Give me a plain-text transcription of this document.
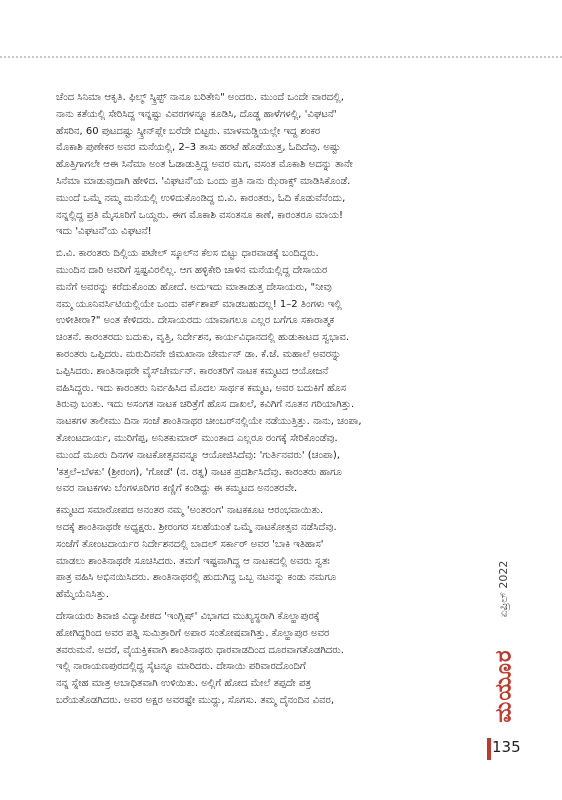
ಚೆಂದ ಸಿನಿಮಾ ಆಕೃತಿ. ಫಿಲ್ಮ್ ಸ್ಕ್ರಿಪ್ಟ್ ನಾನೂ ಬರಿತೇನಿ" ಅಂದರು. ಮುಂದೆ ಒಂದೇ ವಾರದಲ್ಲಿ,
ನಾನು ಕತೆಯಲ್ಲಿ ಸೇರಿಸಿದ್ದ ಇನ್ನಷ್ಟು ವಿವರಗಳನ್ನೂ ಕೂಡಿಸಿ, ದೊಡ್ಡ ಹಾಳೆಗಳಲ್ಲಿ, 'ವಿಘಟನೆ'
ಹೆಸರಿನ, 60 ಪುಟದಷ್ಟು ಸ್ಕ್ರೀನ್‌ಪ್ಲೇ ಬರೆದೇ ಬಿಟ್ಟರು. ಮಾಳಮಡ್ಡಿಯಲ್ಲೇ ಇದ್ದ ಶಂಕರ
ಮೊಕಾಶಿ ಪುಣೇಕರ ಅವರ ಮನೆಯಲ್ಲಿ, 2–3 ತಾಸು ಹರಟೆ ಹೊಡೆಯುತ್ತ, ಓದಿದೆವು. ಅಷ್ಟು
ಹೊತ್ತಿಗಾಗಲೇ ಆಈ ಸಿನೆಮಾ ಅಂತ ಓಡಾಡುತ್ತಿದ್ದ ಅವರ ಮಗ, ವಸಂತ ಮೊಕಾಶಿ ಅದನ್ನು ತಾನೇ
ಸಿನೆಮಾ ಮಾಡುವುದಾಗಿ ಹೇಳಿದ. 'ವಿಘಟನೆ'ಯ ಒಂದು ಪ್ರತಿ ನಾನು ಝೆರಾಕ್ಸ್ ಮಾಡಿಸಿಕೊಂಡೆ.
ಮುಂದೆ ಒಮ್ಮೆ ನಮ್ಮ ಮನೆಯಲ್ಲಿ ಉಳಿದುಕೊಂಡಿದ್ದ ಬಿ.ವಿ. ಕಾರಂತರು, ಓದಿ ಕೊಡುವೆನೆಂದು,
ನನ್ನಲ್ಲಿದ್ದ ಪ್ರತಿ ಮೈಸೂರಿಗೆ ಒಯ್ದರು. ಈಗ ಮೊಕಾಶಿ ವಸಂತನೂ ಕಾಣೆ, ಕಾರಂತರೂ ಮಾಯ!
ಇದು 'ವಿಘಟನೆ'ಯ ವಿಘಟನೆ!
ಬಿ.ವಿ. ಕಾರಂತರು ದಿಲ್ಲಿಯ ಪಟೇಲ್ ಸ್ಕೂಲ್‌ನ ಕೆಲಸ ಬಿಟ್ಟು ಧಾರವಾಡಕ್ಕೆ ಬಂದಿದ್ದರು.
ಮುಂದಿನ ದಾರಿ ಅವರಿಗೆ ಸ್ಪಷ್ಟವಿರಲಿಲ್ಲ. ಆಗ ಹಳ್ಳಿಕೇರಿ ಚಾಳಿನ ಮನೆಯಲ್ಲಿದ್ದ ದೇಸಾಯರ
ಮನೆಗೆ ಅವರನ್ನು ಕರೆದುಕೊಂಡು ಹೋದೆ. ಅದುಇದು ಮಾತಾಡುತ್ತ ದೇಸಾಯರು, "ನೀವು
ನಮ್ಮ ಯೂನಿವರ್ಸಿಟಿಯಲ್ಲಿಯೇ ಒಂದು ವರ್ಕ್‌ಶಾಪ್ ಮಾಡಬಹುದಲ್ಲ! 1–2 ತಿಂಗಳು ಇಲ್ಲಿ
ಉಳೀತೀರಾ?" ಅಂತ ಕೇಳಿದರು. ದೇಸಾಯರದು ಯಾವಾಗಲೂ ಎಲ್ಲರ ಬಗೆಗೂ ಸಕಾರಾತ್ಮಕ
ಚಿಂತನೆ. ಕಾರಂತರದು ಬದುಕು, ವೃತ್ತಿ, ನಿರ್ದೇಶನ, ಕಾರ್ಯವಿಧಾನದಲ್ಲಿ ಹುಡುಕಾಟದ ಸ್ವಭಾವ.
ಕಾರಂತರು ಒಪ್ಪಿದರು. ಮರುದಿನವೇ ಜಿಮಖಾನಾ ಚೇರ್ಮನ್ ಡಾ. ಕೆ.ಜೆ. ಮಹಾಲೆ ಅವರನ್ನು
ಒಪ್ಪಿಸಿದರು. ಶಾಂತಿನಾಥರೇ ವೈಸ್‌ಚೇರ್ಮನ್. ಕಾರಂತರಿಗೆ ನಾಟಕ ಕಮ್ಮಟದ ಆಯೋಜನೆ
ವಹಿಸಿದ್ದರು. ಇದು ಕಾರಂತರು ನಿರ್ವಹಿಸಿದ ಮೊದಲ ಸಾರ್ಥಕ ಕಮ್ಮಟ, ಅವರ ಬದುಕಿಗೆ ಹೊಸ
ತಿರುವು ಬಂತು. ಇದು ಅಸಂಗತ ನಾಟಕ ಚರಿತ್ರೆಗೆ ಹೊಸ ದಾಖಲೆ, ಕವಿಗಿಗೆ ನೂತನ ಗರಿಯಾಗಿತ್ತು.
ನಾಟಕಗಳ ತಾಲೀಮು ದಿನಾ ಸಂಜೆ ಶಾಂತಿನಾಥರ ಚೀಂಬರ್‌ನಲ್ಲಿಯೇ ನಡೆಯುತ್ತಿತ್ತು. ನಾನು, ಚಂಪಾ,
ತೋಂಟದಾರ್ಯ, ಮುರಿಗೆಪ್ಪ, ಅನಿತಕುಮಾರ್ ಮುಂತಾದ ಎಲ್ಲರೂ ರಂಗಕ್ಕೆ ಸೇರಿಕೊಂಡೆವು.
ಮುಂದೆ ಮೂರು ದಿನಗಳ ನಾಟಕೋತ್ಸವವನ್ನೂ ಆಯೋಜಿಸಿದೆವು: 'ಗುರ್ತಿನವರು' (ಚಂಪಾ),
'ಕತ್ತಲೆ–ಬೆಳಕು' (ಶ್ರೀರಂಗ), 'ಗೋಡೆ' (ನ. ರತ್ನ) ನಾಟಕ ಪ್ರದರ್ಶಿಸಿದೆವು. ಕಾರಂತರು ಹಾಗೂ
ಅವರ ನಾಟಕಗಳು ಬೆಂಗಳೂರಿಗರ ಕಣ್ಣಿಗೆ ಕಂಡಿದ್ದು ಈ ಕಮ್ಮಟದ ಅನಂತರವೇ.
ಕಮ್ಮಟದ ಸಮಾರೋಪದ ಅನಂತರ ನಮ್ಮ 'ಅಂತರಂಗ' ನಾಟಕಕೂಟ ಆರಂಭವಾಯಿತು.
ಅದಕ್ಕೆ ಶಾಂತಿನಾಥರೇ ಅಧ್ಯಕ್ಷರು. ಶ್ರೀರಂಗರ ಸಲಹೆಯಂತೆ ಒಮ್ಮೆ ನಾಟಕೋತ್ಸವ ನಡೆಸಿದೆವು.
ಸಂಜೆಗೆ ತೋಂಟದಾರ್ಯರ ನಿರ್ದೇಶನದಲ್ಲಿ ಬಾದಲ್ ಸರ್ಕಾರ್ ಅವರ 'ಬಾಕಿ ಇತಿಹಾಸ'
ಮಾಡಲು ಶಾಂತಿನಾಥರೇ ಸೂಚಿಸಿದರು. ತಮಗೆ ಇಷ್ಟವಾಗಿದ್ದ ಆ ನಾಟಕದಲ್ಲಿ ಅವರು ಸ್ವತಃ
ಪಾತ್ರ ವಹಿಸಿ ಅಭಿನಯಿಸಿದರು. ಶಾಂತಿನಾಥರಲ್ಲಿ ಹುದುಗಿದ್ದ ಒಬ್ಬ ನಟನನ್ನು ಕಂಡು ನಮಗೂ
ಹೆಮ್ಮೆಯೆನಿಸಿತ್ತು.
ದೇಸಾಯರು ಶಿವಾಜಿ ವಿದ್ಯಾಪೀಠದ 'ಇಂಗ್ಲಿಷ್' ವಿಭಾಗದ ಮುಖ್ಯಸ್ಥರಾಗಿ ಕೊಲ್ಹಾಪುರಕ್ಕೆ
ಹೋಗಿದ್ದರಿಂದ ಅವರ ಪತ್ನಿ ಸುಮಿತ್ರಾರಿಗೆ ಅಪಾರ ಸಂತೋಷವಾಗಿತ್ತು. ಕೊಲ್ಹಾಪುರ ಅವರ
ತವರುಮನೆ. ಅದರೆ, ವೈಯಕ್ತಿಕವಾಗಿ ಶಾಂತಿನಾಥರು ಧಾರವಾಡದಿಂದ ದೂರವಾಗತೊಡಗಿದರು.
ಇಲ್ಲಿ ನಾರಾಯಣಪುರದಲ್ಲಿದ್ದ ಸೈಟನ್ನೂ ಮಾರಿದರು. ದೇಸಾಯಿ ಪರಿವಾರದೊಂದಿಗೆ
ನನ್ನ ಸ್ನೇಹ ಮಾತ್ರ ಅಬಾಧಿತವಾಗಿ ಉಳಿಯಿತು. ಅಲ್ಲಿಗೆ ಹೋದ ಮೇಲೆ ತಪ್ಪದೇ ಪತ್ರ
ಬರೆಯತೊಡಗಿದರು. ಅವರ ಅಕ್ಷರ ಅವರಷ್ಟೇ ಮುದ್ದು, ಸೊಗಸು. ತಮ್ಮ ದೈನಂದಿನ ವಿವರ,
ಏಪ್ರಿಲ್ 2022
ಮಯೂರ
135
